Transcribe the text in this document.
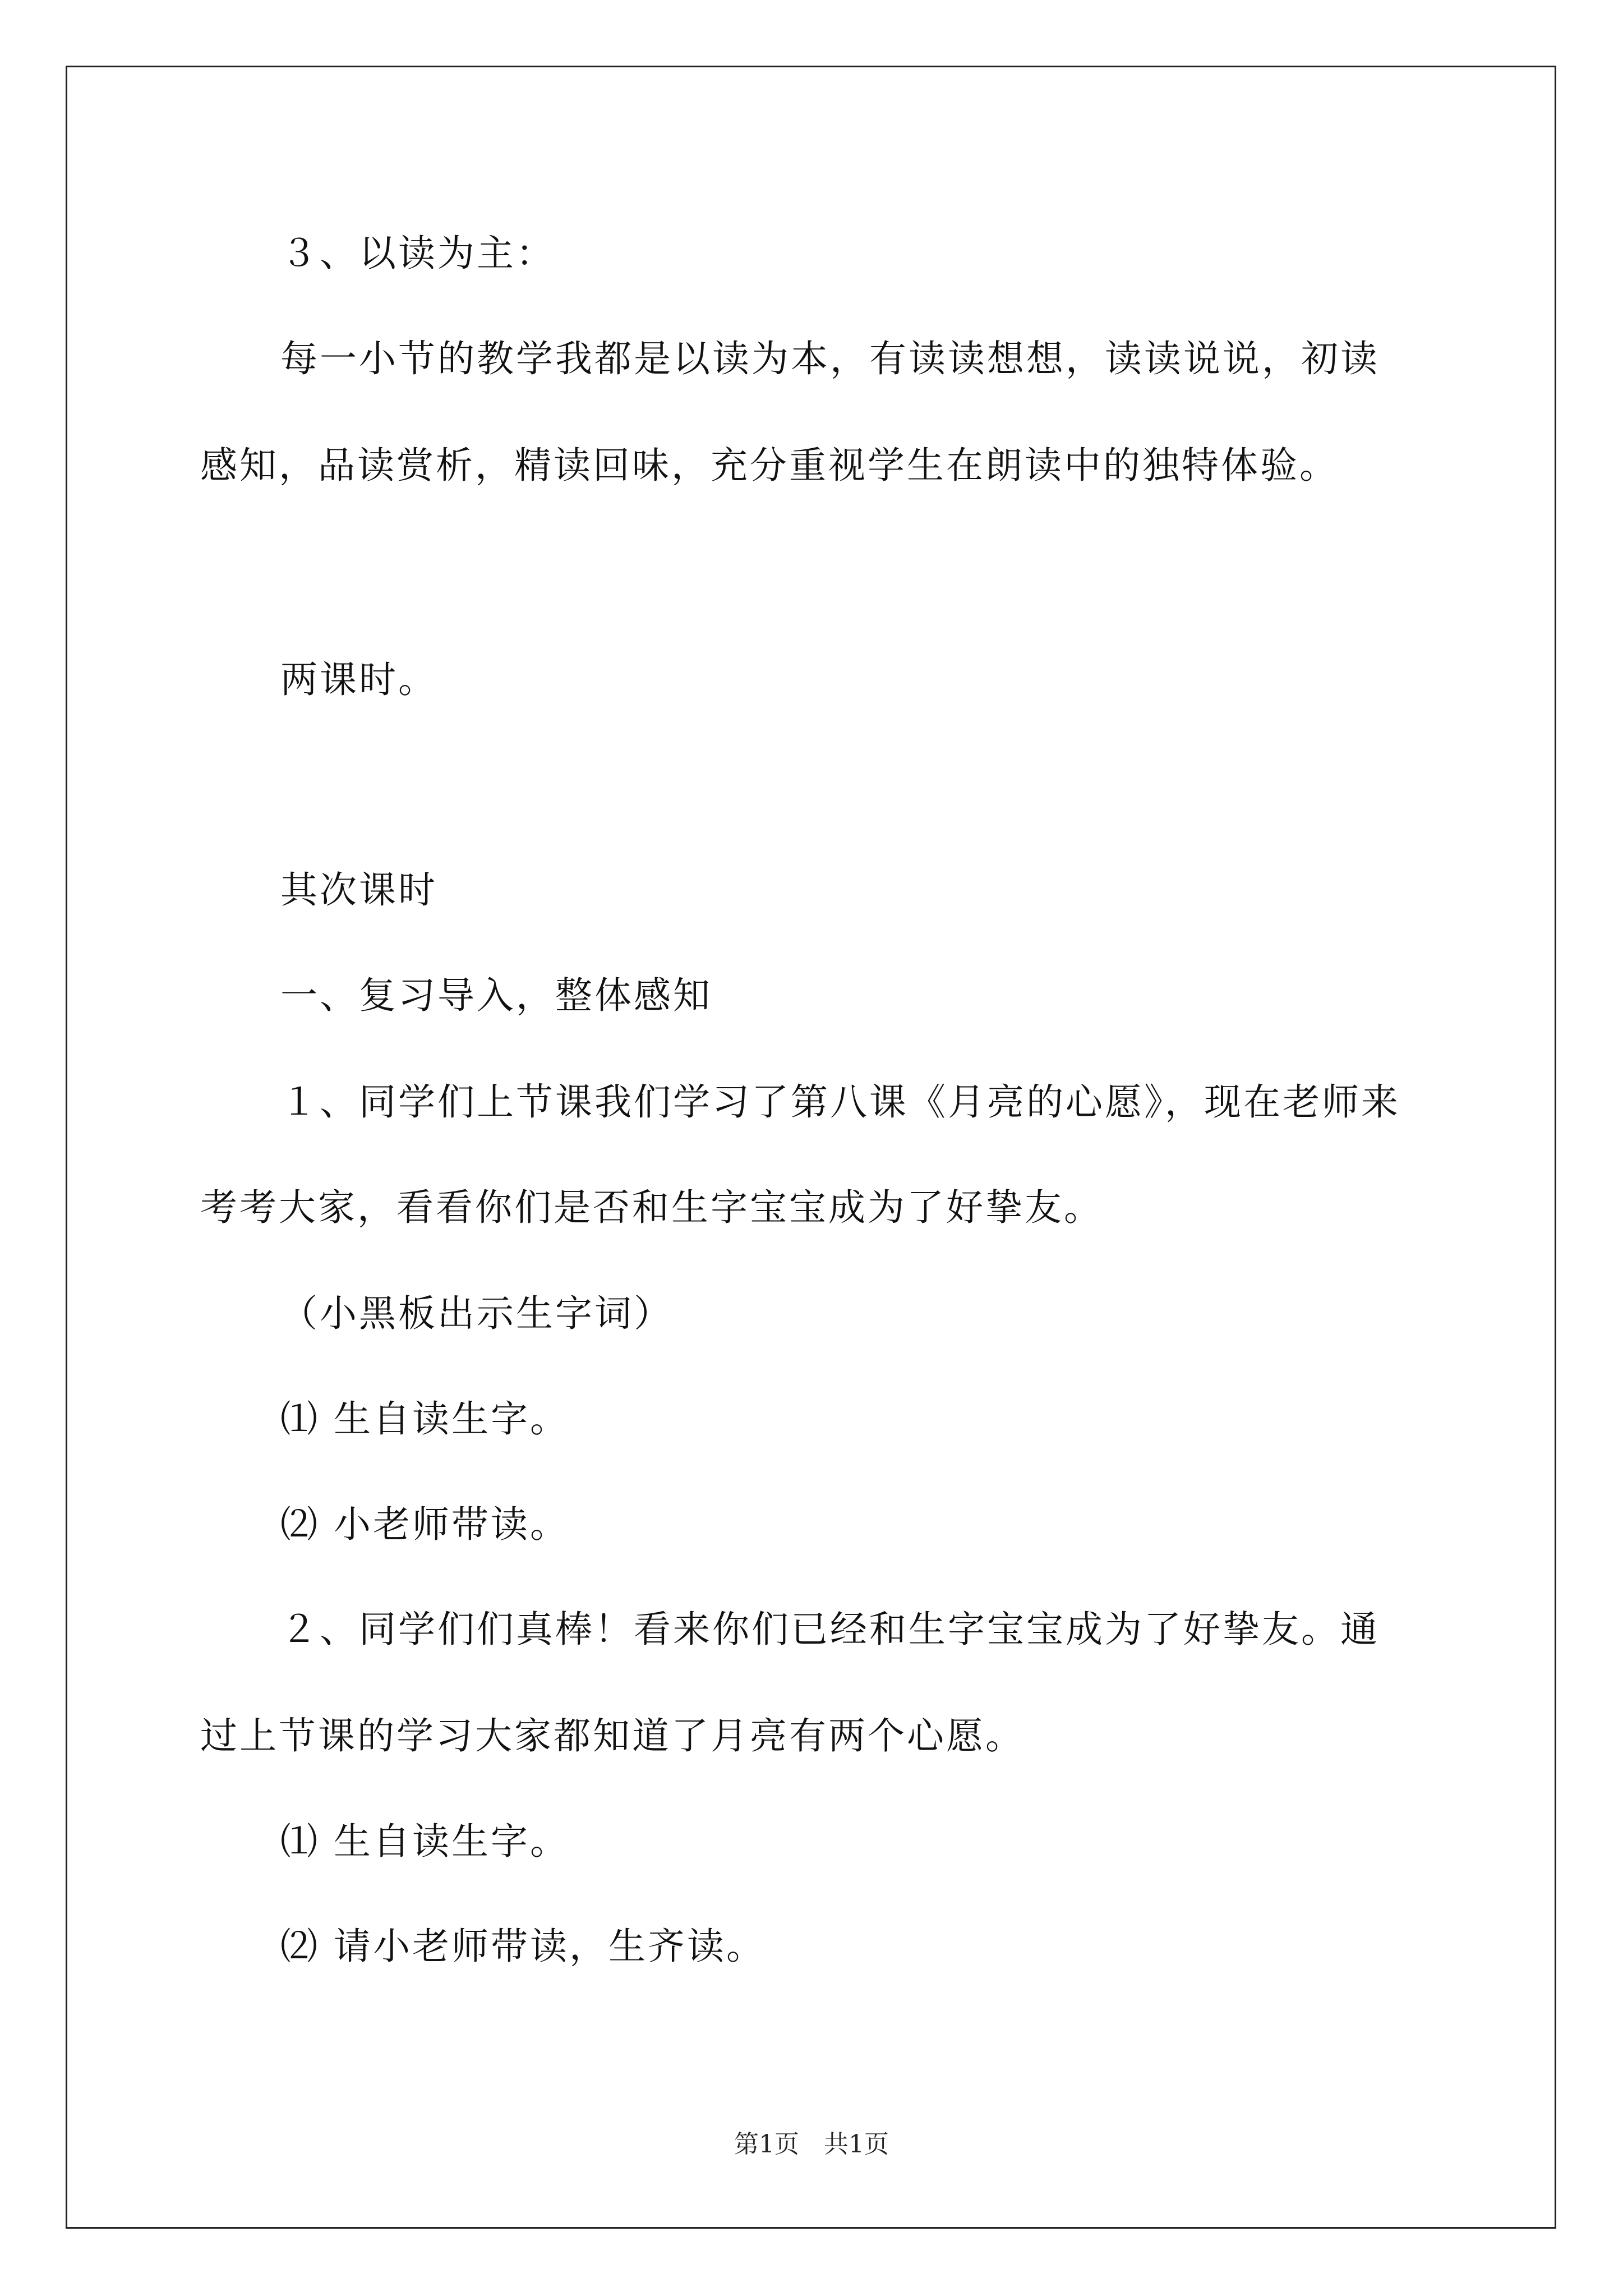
３、以读为主：
每一小节的教学我都是以读为本，有读读想想，读读说说，初读
感知，品读赏析，精读回味，充分重视学生在朗读中的独特体验。
两课时。
其次课时
一、复习导入，整体感知
１、同学们上节课我们学习了第八课《月亮的心愿》，现在老师来
考考大家，看看你们是否和生字宝宝成为了好挚友。
（小黑板出示生字词）
⑴ 生自读生字。
⑵ 小老师带读。
２、同学们们真棒！看来你们已经和生字宝宝成为了好挚友。通
过上节课的学习大家都知道了月亮有两个心愿。
⑴ 生自读生字。
⑵ 请小老师带读，生齐读。
第1页　共1页
